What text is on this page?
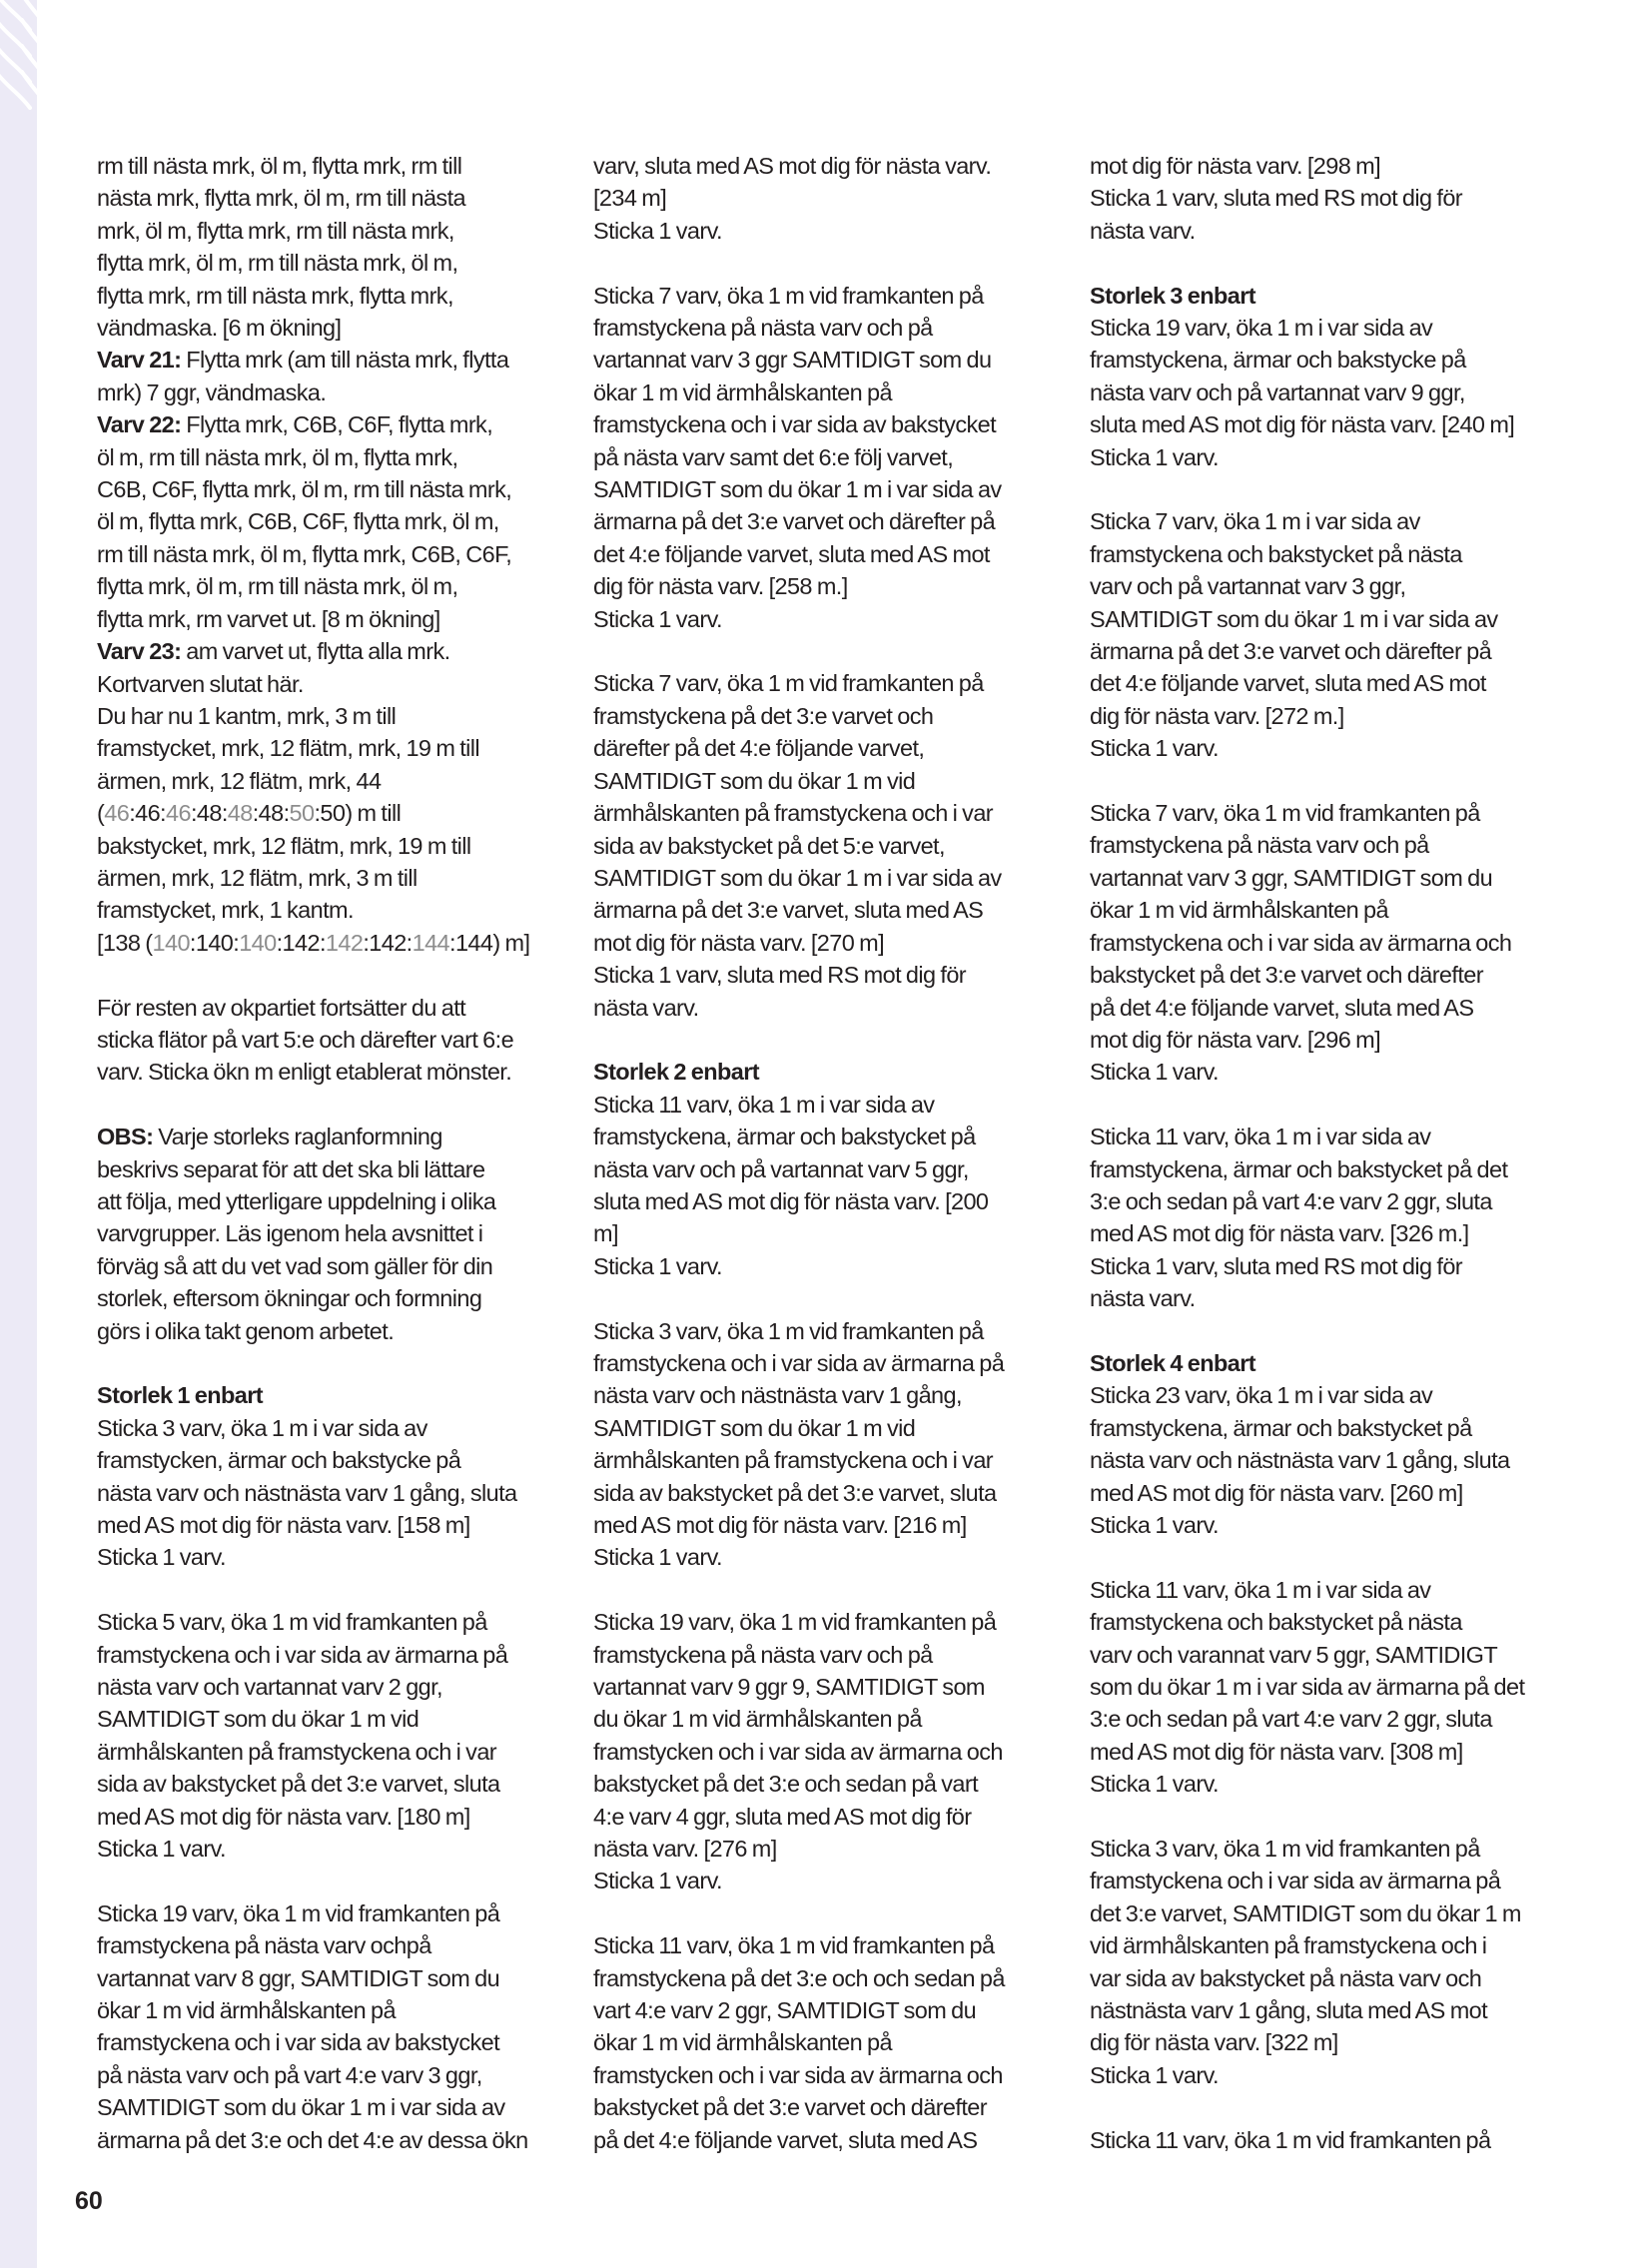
rm till nästa mrk, öl m, flytta mrk, rm till
nästa mrk, flytta mrk, öl m, rm till nästa
mrk, öl m, flytta mrk, rm till nästa mrk,
flytta mrk, öl m, rm till nästa mrk, öl m,
flytta mrk, rm till nästa mrk, flytta mrk,
vändmaska. [6 m ökning]
Varv 21: Flytta mrk (am till nästa mrk, flytta
mrk) 7 ggr, vändmaska.
Varv 22: Flytta mrk, C6B, C6F, flytta mrk,
öl m, rm till nästa mrk, öl m, flytta mrk,
C6B, C6F, flytta mrk, öl m, rm till nästa mrk,
öl m, flytta mrk, C6B, C6F, flytta mrk, öl m,
rm till nästa mrk, öl m, flytta mrk, C6B, C6F,
flytta mrk, öl m, rm till nästa mrk, öl m,
flytta mrk, rm varvet ut. [8 m ökning]
Varv 23: am varvet ut, flytta alla mrk.
Kortvarven slutat här.
Du har nu 1 kantm, mrk, 3 m till
framstycket, mrk, 12 flätm, mrk, 19 m till
ärmen, mrk, 12 flätm, mrk, 44
(46:46:46:48:48:48:50:50) m till
bakstycket, mrk, 12 flätm, mrk, 19 m till
ärmen, mrk, 12 flätm, mrk, 3 m till
framstycket, mrk, 1 kantm.
[138 (140:140:140:142:142:142:144:144) m]
För resten av okpartiet fortsätter du att
sticka flätor på vart 5:e och därefter vart 6:e
varv. Sticka ökn m enligt etablerat mönster.
OBS: Varje storleks raglanformning
beskrivs separat för att det ska bli lättare
att följa, med ytterligare uppdelning i olika
varvgrupper. Läs igenom hela avsnittet i
förväg så att du vet vad som gäller för din
storlek, eftersom ökningar och formning
görs i olika takt genom arbetet.
Storlek 1 enbart
Sticka 3 varv, öka 1 m i var sida av
framstycken, ärmar och bakstycke på
nästa varv och nästnästa varv 1 gång, sluta
med AS mot dig för nästa varv. [158 m]
Sticka 1 varv.
Sticka 5 varv, öka 1 m vid framkanten på
framstyckena och i var sida av ärmarna på
nästa varv och vartannat varv 2 ggr,
SAMTIDIGT som du ökar 1 m vid
ärmhålskanten på framstyckena och i var
sida av bakstycket på det 3:e varvet, sluta
med AS mot dig för nästa varv. [180 m]
Sticka 1 varv.
Sticka 19 varv, öka 1 m vid framkanten på
framstyckena på nästa varv ochpå
vartannat varv 8 ggr, SAMTIDIGT som du
ökar 1 m vid ärmhålskanten på
framstyckena och i var sida av bakstycket
på nästa varv och på vart 4:e varv 3 ggr,
SAMTIDIGT som du ökar 1 m i var sida av
ärmarna på det 3:e och det 4:e av dessa ökn
varv, sluta med AS mot dig för nästa varv.
[234 m]
Sticka 1 varv.
Sticka 7 varv, öka 1 m vid framkanten på
framstyckena på nästa varv och på
vartannat varv 3 ggr SAMTIDIGT som du
ökar 1 m vid ärmhålskanten på
framstyckena och i var sida av bakstycket
på nästa varv samt det 6:e följ varvet,
SAMTIDIGT som du ökar 1 m i var sida av
ärmarna på det 3:e varvet och därefter på
det 4:e följande varvet, sluta med AS mot
dig för nästa varv. [258 m.]
Sticka 1 varv.
Sticka 7 varv, öka 1 m vid framkanten på
framstyckena på det 3:e varvet och
därefter på det 4:e följande varvet,
SAMTIDIGT som du ökar 1 m vid
ärmhålskanten på framstyckena och i var
sida av bakstycket på det 5:e varvet,
SAMTIDIGT som du ökar 1 m i var sida av
ärmarna på det 3:e varvet, sluta med AS
mot dig för nästa varv. [270 m]
Sticka 1 varv, sluta med RS mot dig för
nästa varv.
Storlek 2 enbart
Sticka 11 varv, öka 1 m i var sida av
framstyckena, ärmar och bakstycket på
nästa varv och på vartannat varv 5 ggr,
sluta med AS mot dig för nästa varv. [200
m]
Sticka 1 varv.
Sticka 3 varv, öka 1 m vid framkanten på
framstyckena och i var sida av ärmarna på
nästa varv och nästnästa varv 1 gång,
SAMTIDIGT som du ökar 1 m vid
ärmhålskanten på framstyckena och i var
sida av bakstycket på det 3:e varvet, sluta
med AS mot dig för nästa varv. [216 m]
Sticka 1 varv.
Sticka 19 varv, öka 1 m vid framkanten på
framstyckena på nästa varv och på
vartannat varv 9 ggr 9, SAMTIDIGT som
du ökar 1 m vid ärmhålskanten på
framstycken och i var sida av ärmarna och
bakstycket på det 3:e och sedan på vart
4:e varv 4 ggr, sluta med AS mot dig för
nästa varv. [276 m]
Sticka 1 varv.
Sticka 11 varv, öka 1 m vid framkanten på
framstyckena på det 3:e och och sedan på
vart 4:e varv 2 ggr, SAMTIDIGT som du
ökar 1 m vid ärmhålskanten på
framstycken och i var sida av ärmarna och
bakstycket på det 3:e varvet och därefter
på det 4:e följande varvet, sluta med AS
mot dig för nästa varv. [298 m]
Sticka 1 varv, sluta med RS mot dig för
nästa varv.
Storlek 3 enbart
Sticka 19 varv, öka 1 m i var sida av
framstyckena, ärmar och bakstycke på
nästa varv och på vartannat varv 9 ggr,
sluta med AS mot dig för nästa varv. [240 m]
Sticka 1 varv.
Sticka 7 varv, öka 1 m i var sida av
framstyckena och bakstycket på nästa
varv och på vartannat varv 3 ggr,
SAMTIDIGT som du ökar 1 m i var sida av
ärmarna på det 3:e varvet och därefter på
det 4:e följande varvet, sluta med AS mot
dig för nästa varv. [272 m.]
Sticka 1 varv.
Sticka 7 varv, öka 1 m vid framkanten på
framstyckena på nästa varv och på
vartannat varv 3 ggr, SAMTIDIGT som du
ökar 1 m vid ärmhålskanten på
framstyckena och i var sida av ärmarna och
bakstycket på det 3:e varvet och därefter
på det 4:e följande varvet, sluta med AS
mot dig för nästa varv. [296 m]
Sticka 1 varv.
Sticka 11 varv, öka 1 m i var sida av
framstyckena, ärmar och bakstycket på det
3:e och sedan på vart 4:e varv 2 ggr, sluta
med AS mot dig för nästa varv. [326 m.]
Sticka 1 varv, sluta med RS mot dig för
nästa varv.
Storlek 4 enbart
Sticka 23 varv, öka 1 m i var sida av
framstyckena, ärmar och bakstycket på
nästa varv och nästnästa varv 1 gång, sluta
med AS mot dig för nästa varv. [260 m]
Sticka 1 varv.
Sticka 11 varv, öka 1 m i var sida av
framstyckena och bakstycket på nästa
varv och varannat varv 5 ggr, SAMTIDIGT
som du ökar 1 m i var sida av ärmarna på det
3:e och sedan på vart 4:e varv 2 ggr, sluta
med AS mot dig för nästa varv. [308 m]
Sticka 1 varv.
Sticka 3 varv, öka 1 m vid framkanten på
framstyckena och i var sida av ärmarna på
det 3:e varvet, SAMTIDIGT som du ökar 1 m
vid ärmhålskanten på framstyckena och i
var sida av bakstycket på nästa varv och
nästnästa varv 1 gång, sluta med AS mot
dig för nästa varv. [322 m]
Sticka 1 varv.
Sticka 11 varv, öka 1 m vid framkanten på
60
